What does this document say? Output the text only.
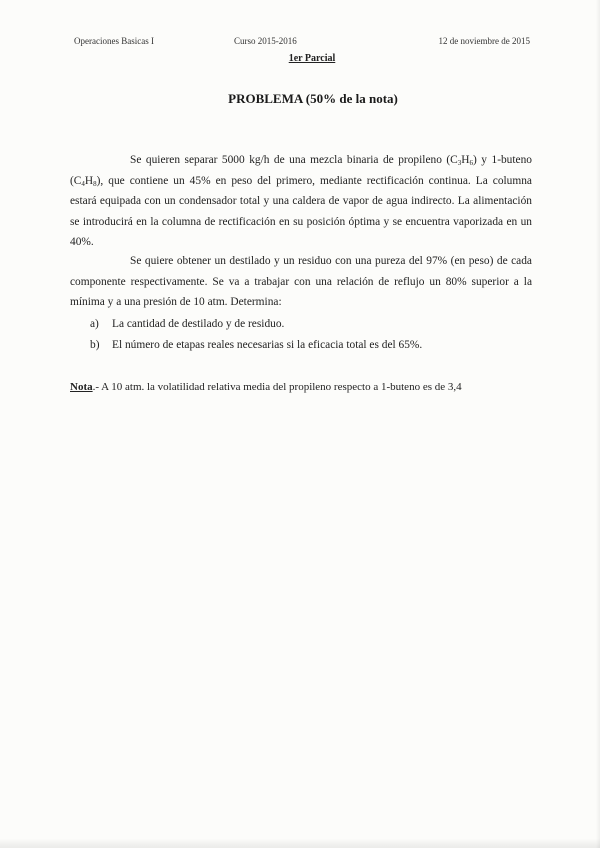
Operaciones Basicas I	Curso 2015-2016	12 de noviembre de 2015
1er Parcial
PROBLEMA (50% de la nota)
Se quieren separar 5000 kg/h de una mezcla binaria de propileno $(C_3H_6)$ y 1-buteno $(C_4H_8)$, que contiene un 45% en peso del primero, mediante rectificación continua. La columna estará equipada con un condensador total y una caldera de vapor de agua indirecto. La alimentación se introducirá en la columna de rectificación en su posición óptima y se encuentra vaporizada en un 40%.
Se quiere obtener un destilado y un residuo con una pureza del 97% (en peso) de cada componente respectivamente. Se va a trabajar con una relación de reflujo un 80% superior a la mínima y a una presión de 10 atm. Determina:
a) La cantidad de destilado y de residuo.
b) El número de etapas reales necesarias si la eficacia total es del 65%.
Nota.- A 10 atm. la volatilidad relativa media del propileno respecto a 1-buteno es de 3,4
